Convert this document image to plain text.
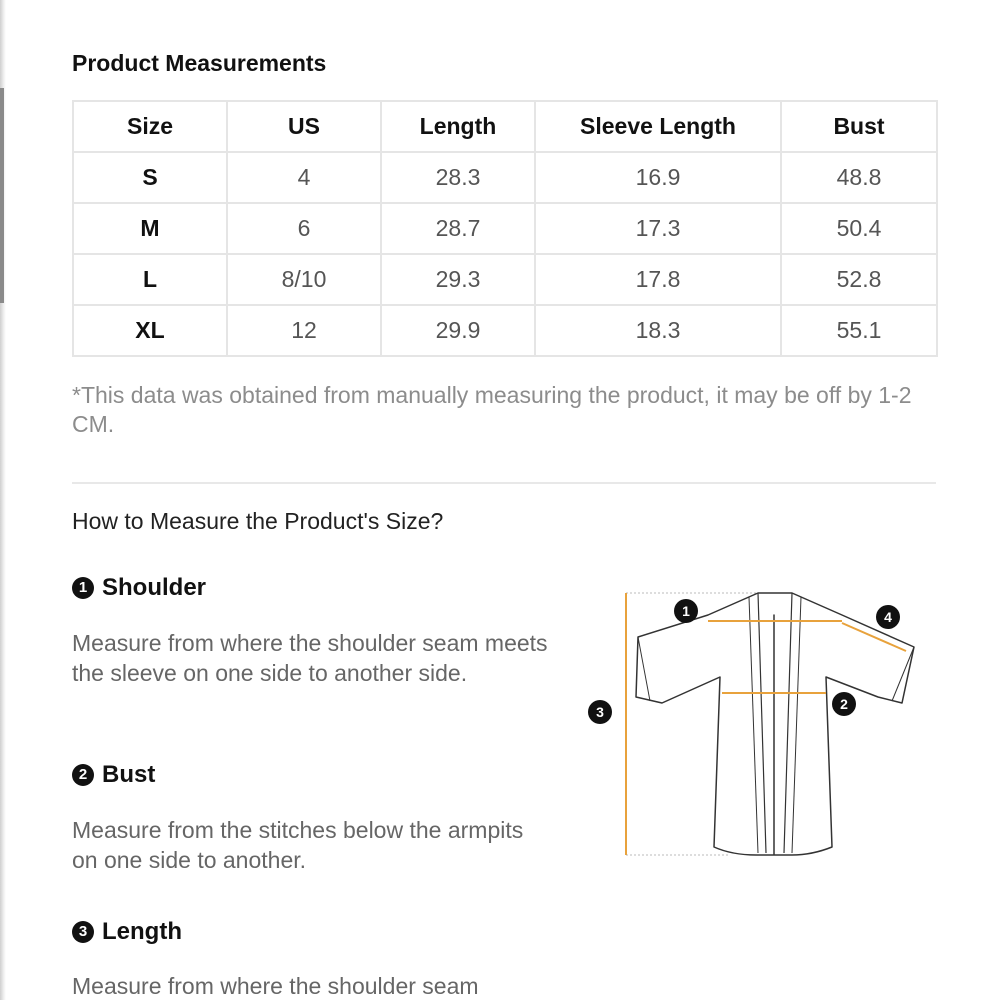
Product Measurements
Size	US	Length	Sleeve Length	Bust
S	4	28.3	16.9	48.8
M	6	28.7	17.3	50.4
L	8/10	29.3	17.8	52.8
XL	12	29.9	18.3	55.1
*This data was obtained from manually measuring the product, it may be off by 1-2 CM.
How to Measure the Product's Size?
1 Shoulder
Measure from where the shoulder seam meets the sleeve on one side to another side.
2 Bust
Measure from the stitches below the armpits on one side to another.
3 Length
Measure from where the shoulder seam
1
2
3
4
